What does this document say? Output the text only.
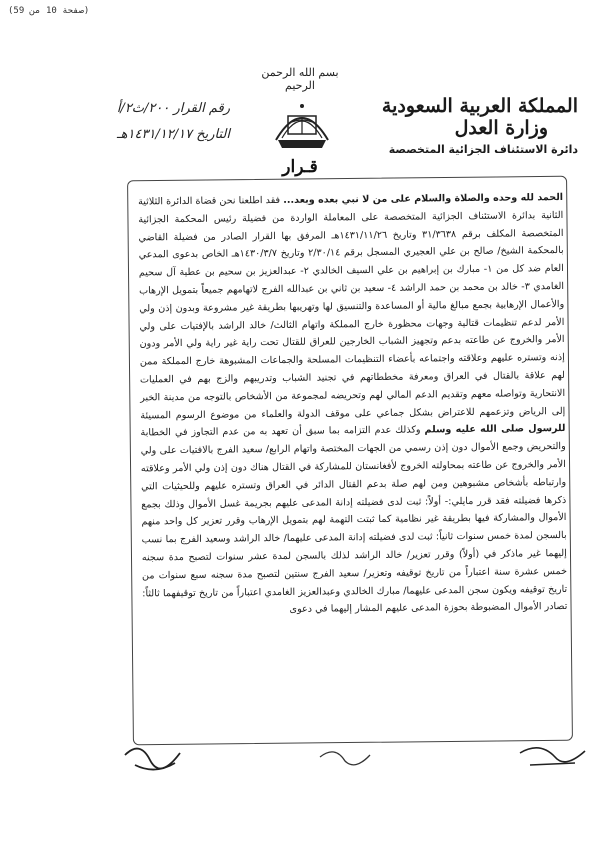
(صفحة 10 من 59)
بسم الله الرحمن الرحيم
قـرار
المملكة العربية السعودية
وزارة العدل
دائرة الاستئناف الجزائية المتخصصة
رقم القرار ٢٠٠/ث٢/أ
التاريخ ١٤٣١/١٢/١٧هـ

الحمد لله وحده والصلاة والسلام على من لا نبي بعده وبعد... فقد اطلعنا نحن قضاة الدائرة الثلاثية الثانية بدائرة الاستئناف الجزائية المتخصصة على المعاملة الواردة من فضيلة رئيس المحكمة الجزائية المتخصصة المكلف برقم ٣١/٣٦٣٨ وتاريخ ١٤٣١/١١/٢٦هـ المرفق بها القرار الصادر من فضيلة القاضي بالمحكمة الشيخ/ صالح بن علي العجيري المسجل برقم ٢/٣٠/١٤ وتاريخ ١٤٣٠/٣/٧هـ الخاص بدعوى المدعي العام ضد كل من ١- مبارك بن إبراهيم بن علي السيف الخالدي ٢- عبدالعزيز بن سحيم بن عطية آل سحيم الغامدي ٣- خالد بن محمد بن حمد الراشد ٤- سعيد بن ثاني بن عبدالله الفرج لاتهامهم جميعاً بتمويل الإرهاب والأعمال الإرهابية بجمع مبالغ مالية أو المساعدة والتنسيق لها وتهريبها بطريقة غير مشروعة وبدون إذن ولي الأمر لدعم تنظيمات قتالية وجهات محظورة خارج المملكة واتهام الثالث/ خالد الراشد بالإفتيات على ولي الأمر والخروج عن طاعته بدعم وتجهيز الشباب الخارجين للعراق للقتال تحت راية غير راية ولي الأمر ودون إذنه وتستره عليهم وعلاقته واجتماعه بأعضاء التنظيمات المسلحة والجماعات المشبوهة خارج المملكة ممن لهم علاقة بالقتال في العراق ومعرفة مخططاتهم في تجنيد الشباب وتدريبهم والزج بهم في العمليات الانتحارية وتواصله معهم وتقديم الدعم المالي لهم وتحريضه لمجموعة من الأشخاص بالتوجه من مدينة الخبر إلى الرياض وتزعمهم للاعتراض بشكل جماعي على موقف الدولة والعلماء من موضوع الرسوم المسيئة للرسول صلى الله عليه وسلم وكذلك عدم التزامه بما سبق أن تعهد به من عدم التجاوز في الخطابة والتحريض وجمع الأموال دون إذن رسمي من الجهات المختصة واتهام الرابع/ سعيد الفرج بالافتيات على ولي الأمر والخروج عن طاعته بمحاولته الخروج لأفغانستان للمشاركة في القتال هناك دون إذن ولي الأمر وعلاقته وارتباطه بأشخاص مشبوهين ومن لهم صلة بدعم القتال الدائر في العراق وتستره عليهم وللحيثيات التي ذكرها فضيلته فقد قرر مايلي:- أولاً: ثبت لدى فضيلته إدانة المدعى عليهم بجريمة غسل الأموال وذلك بجمع الأموال والمشاركة فيها بطريقة غير نظامية كما ثبتت التهمة لهم بتمويل الإرهاب وقرر تعزير كل واحد منهم بالسجن لمدة خمس سنوات ثانياً: ثبت لدى فضيلته إدانة المدعى عليهما/ خالد الراشد وسعيد الفرج بما نسب إليهما غير ماذكر في (أولاً) وقرر تعزير/ خالد الراشد لذلك بالسجن لمدة عشر سنوات لتصبح مدة سجنه خمس عشرة سنة اعتباراً من تاريخ توقيفه وتعزير/ سعيد الفرج سنتين لتصبح مدة سجنه سبع سنوات من تاريخ توقيفه ويكون سجن المدعى عليهما/ مبارك الخالدي وعبدالعزيز الغامدي اعتباراً من تاريخ توقيفهما ثالثاً: تصادر الأموال المضبوطة بحوزة المدعى عليهم المشار إليهما في دعوى
